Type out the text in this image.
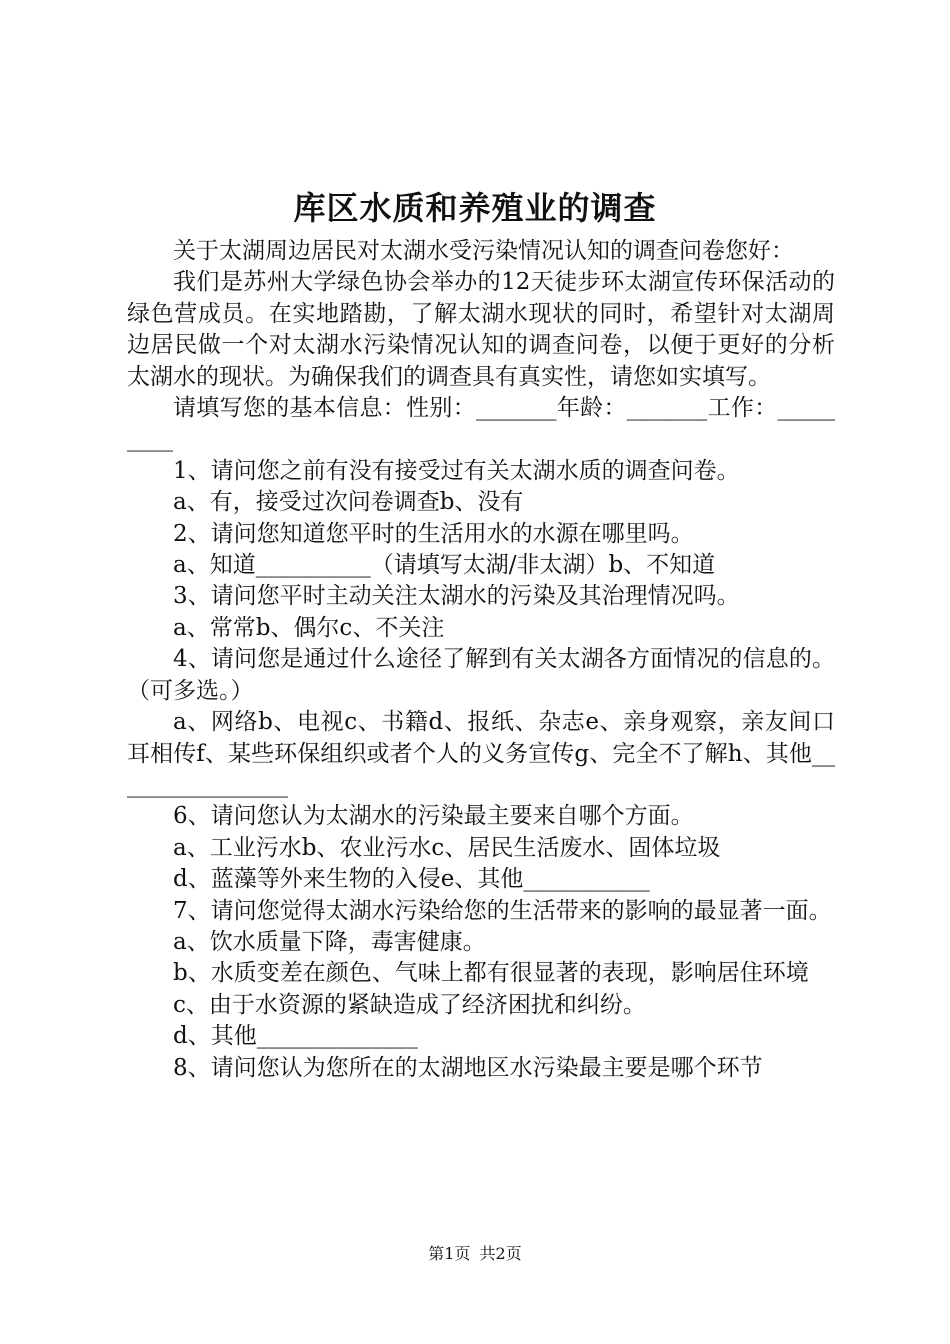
库区水质和养殖业的调查

关于太湖周边居民对太湖水受污染情况认知的调查问卷您好：

我们是苏州大学绿色协会举办的12天徒步环太湖宣传环保活动的绿色营成员。在实地踏勘，了解太湖水现状的同时，希望针对太湖周边居民做一个对太湖水污染情况认知的调查问卷，以便于更好的分析太湖水的现状。为确保我们的调查具有真实性，请您如实填写。

请填写您的基本信息：性别：_______年龄：_______工作：_________

1、请问您之前有没有接受过有关太湖水质的调查问卷。

a、有，接受过次问卷调查b、没有

2、请问您知道您平时的生活用水的水源在哪里吗。

a、知道__________（请填写太湖/非太湖）b、不知道

3、请问您平时主动关注太湖水的污染及其治理情况吗。

a、常常b、偶尔c、不关注

4、请问您是通过什么途径了解到有关太湖各方面情况的信息的。（可多选。）

a、网络b、电视c、书籍d、报纸、杂志e、亲身观察，亲友间口耳相传f、某些环保组织或者个人的义务宣传g、完全不了解h、其他________________

6、请问您认为太湖水的污染最主要来自哪个方面。

a、工业污水b、农业污水c、居民生活废水、固体垃圾

d、蓝藻等外来生物的入侵e、其他___________

7、请问您觉得太湖水污染给您的生活带来的影响的最显著一面。

a、饮水质量下降，毒害健康。

b、水质变差在颜色、气味上都有很显著的表现，影响居住环境

c、由于水资源的紧缺造成了经济困扰和纠纷。

d、其他______________

8、请问您认为您所在的太湖地区水污染最主要是哪个环节

第1页 共2页
